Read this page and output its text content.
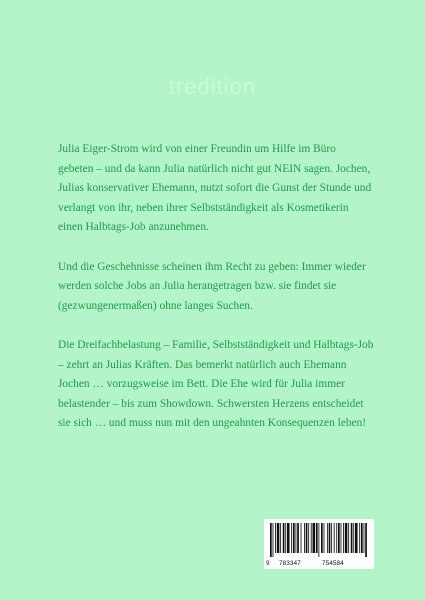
tredition

Julia Eiger-Strom wird von einer Freundin um Hilfe im Büro gebeten – und da kann Julia natürlich nicht gut NEIN sagen. Jochen, Julias konservativer Ehemann, nutzt sofort die Gunst der Stunde und verlangt von ihr, neben ihrer Selbstständigkeit als Kosmetikerin einen Halbtags-Job anzunehmen.

Und die Geschehnisse scheinen ihm Recht zu geben: Immer wieder werden solche Jobs an Julia herangetragen bzw. sie findet sie (gezwungenermaßen) ohne langes Suchen.

Die Dreifachbelastung – Familie, Selbstständigkeit und Halbtags-Job – zehrt an Julias Kräften. Das bemerkt natürlich auch Ehemann Jochen … vorzugsweise im Bett. Die Ehe wird für Julia immer belastender – bis zum Showdown. Schwersten Herzens entscheidet sie sich … und muss nun mit den ungeahnten Konsequenzen leben!

9 783347	754584
